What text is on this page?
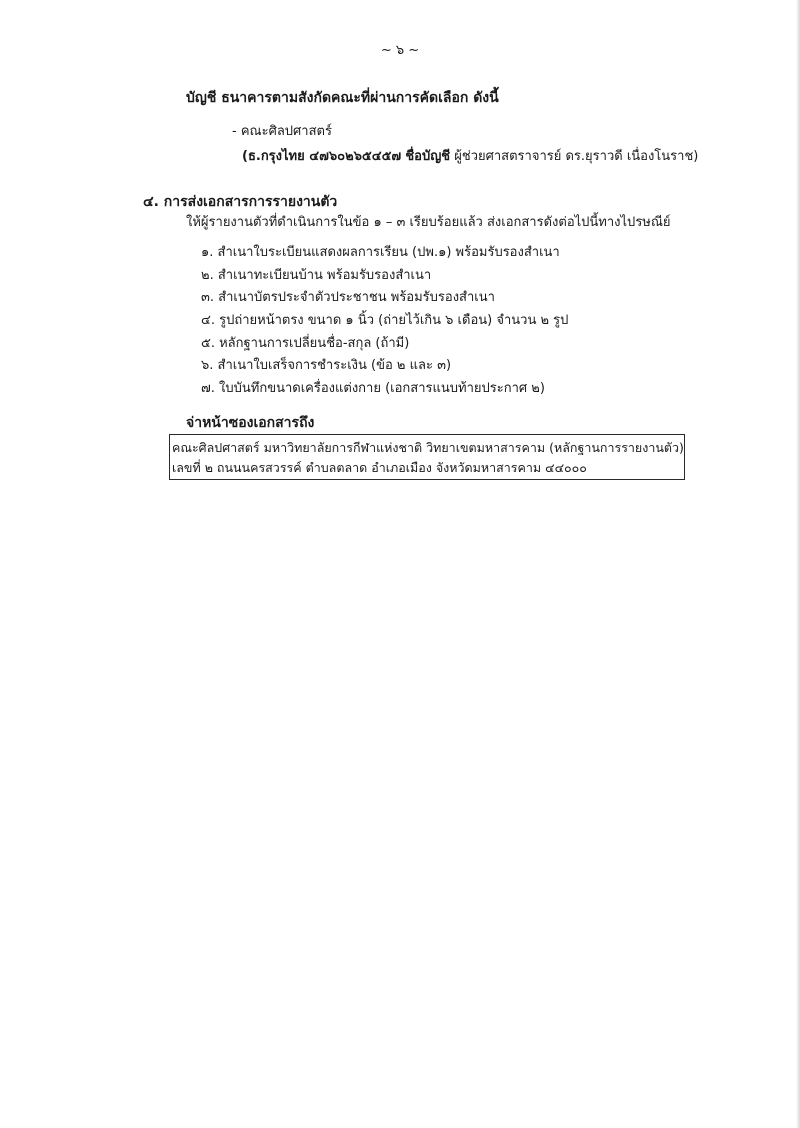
~ ๖ ~
บัญชี ธนาคารตามสังกัดคณะที่ผ่านการคัดเลือก ดังนี้
- คณะศิลปศาสตร์
(ธ.กรุงไทย ๔๗๖๐๒๖๕๔๕๗ ชื่อบัญชี ผู้ช่วยศาสตราจารย์ ดร.ยุราวดี เนื่องโนราช)
๔. การส่งเอกสารการรายงานตัว
ให้ผู้รายงานตัวที่ดำเนินการในข้อ ๑ – ๓ เรียบร้อยแล้ว ส่งเอกสารดังต่อไปนี้ทางไปรษณีย์
๑. สำเนาใบระเบียนแสดงผลการเรียน (ปพ.๑) พร้อมรับรองสำเนา
๒. สำเนาทะเบียนบ้าน พร้อมรับรองสำเนา
๓. สำเนาบัตรประจำตัวประชาชน พร้อมรับรองสำเนา
๔. รูปถ่ายหน้าตรง ขนาด ๑ นิ้ว (ถ่ายไว้เกิน ๖ เดือน) จำนวน ๒ รูป
๕. หลักฐานการเปลี่ยนชื่อ-สกุล (ถ้ามี)
๖. สำเนาใบเสร็จการชำระเงิน (ข้อ ๒ และ ๓)
๗. ใบบันทึกขนาดเครื่องแต่งกาย (เอกสารแนบท้ายประกาศ ๒)
จ่าหน้าซองเอกสารถึง
คณะศิลปศาสตร์ มหาวิทยาลัยการกีฬาแห่งชาติ วิทยาเขตมหาสารคาม (หลักฐานการรายงานตัว)
เลขที่ ๒ ถนนนครสวรรค์ ตำบลตลาด อำเภอเมือง จังหวัดมหาสารคาม ๔๔๐๐๐
